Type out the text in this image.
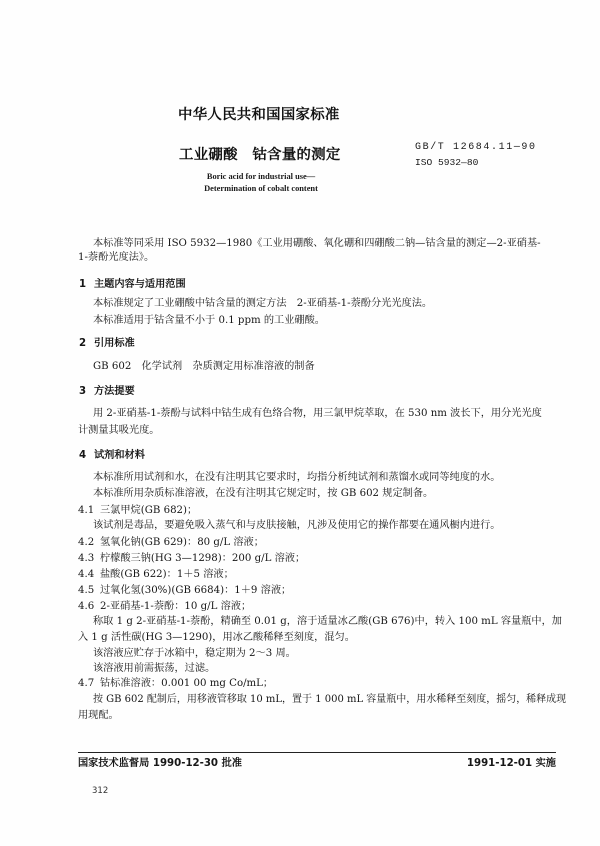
中华人民共和国国家标准
工业硼酸　钴含量的测定	GB/T 12684.11—90
ISO 5932—80
Boric acid for industrial use—
Determination of cobalt content
本标准等同采用 ISO 5932—1980《工业用硼酸、氧化硼和四硼酸二钠—钴含量的测定—2-亚硝基-
1-萘酚光度法》。
1 主题内容与适用范围
本标准规定了工业硼酸中钴含量的测定方法　2-亚硝基-1-萘酚分光光度法。
本标准适用于钴含量不小于 0.1 ppm 的工业硼酸。
2 引用标准
GB 602　化学试剂　杂质测定用标准溶液的制备
3 方法提要
用 2-亚硝基-1-萘酚与试料中钴生成有色络合物，用三氯甲烷萃取，在 530 nm 波长下，用分光光度
计测量其吸光度。
4 试剂和材料
本标准所用试剂和水，在没有注明其它要求时，均指分析纯试剂和蒸馏水或同等纯度的水。
本标准所用杂质标准溶液，在没有注明其它规定时，按 GB 602 规定制备。
4.1 三氯甲烷(GB 682)；
该试剂是毒品，要避免吸入蒸气和与皮肤接触，凡涉及使用它的操作都要在通风橱内进行。
4.2 氢氧化钠(GB 629)：80 g/L 溶液；
4.3 柠檬酸三钠(HG 3—1298)：200 g/L 溶液；
4.4 盐酸(GB 622)：1＋5 溶液；
4.5 过氧化氢(30%)(GB 6684)：1＋9 溶液；
4.6 2-亚硝基-1-萘酚：10 g/L 溶液；
称取 1 g 2-亚硝基-1-萘酚，精确至 0.01 g，溶于适量冰乙酸(GB 676)中，转入 100 mL 容量瓶中，加
入 1 g 活性碳(HG 3—1290)，用冰乙酸稀释至刻度，混匀。
该溶液应贮存于冰箱中，稳定期为 2～3 周。
该溶液用前需振荡，过滤。
4.7 钴标准溶液：0.001 00 mg Co/mL；
按 GB 602 配制后，用移液管移取 10 mL，置于 1 000 mL 容量瓶中，用水稀释至刻度，摇匀，稀释成现
用现配。
国家技术监督局 1990-12-30 批准	1991-12-01 实施
312
